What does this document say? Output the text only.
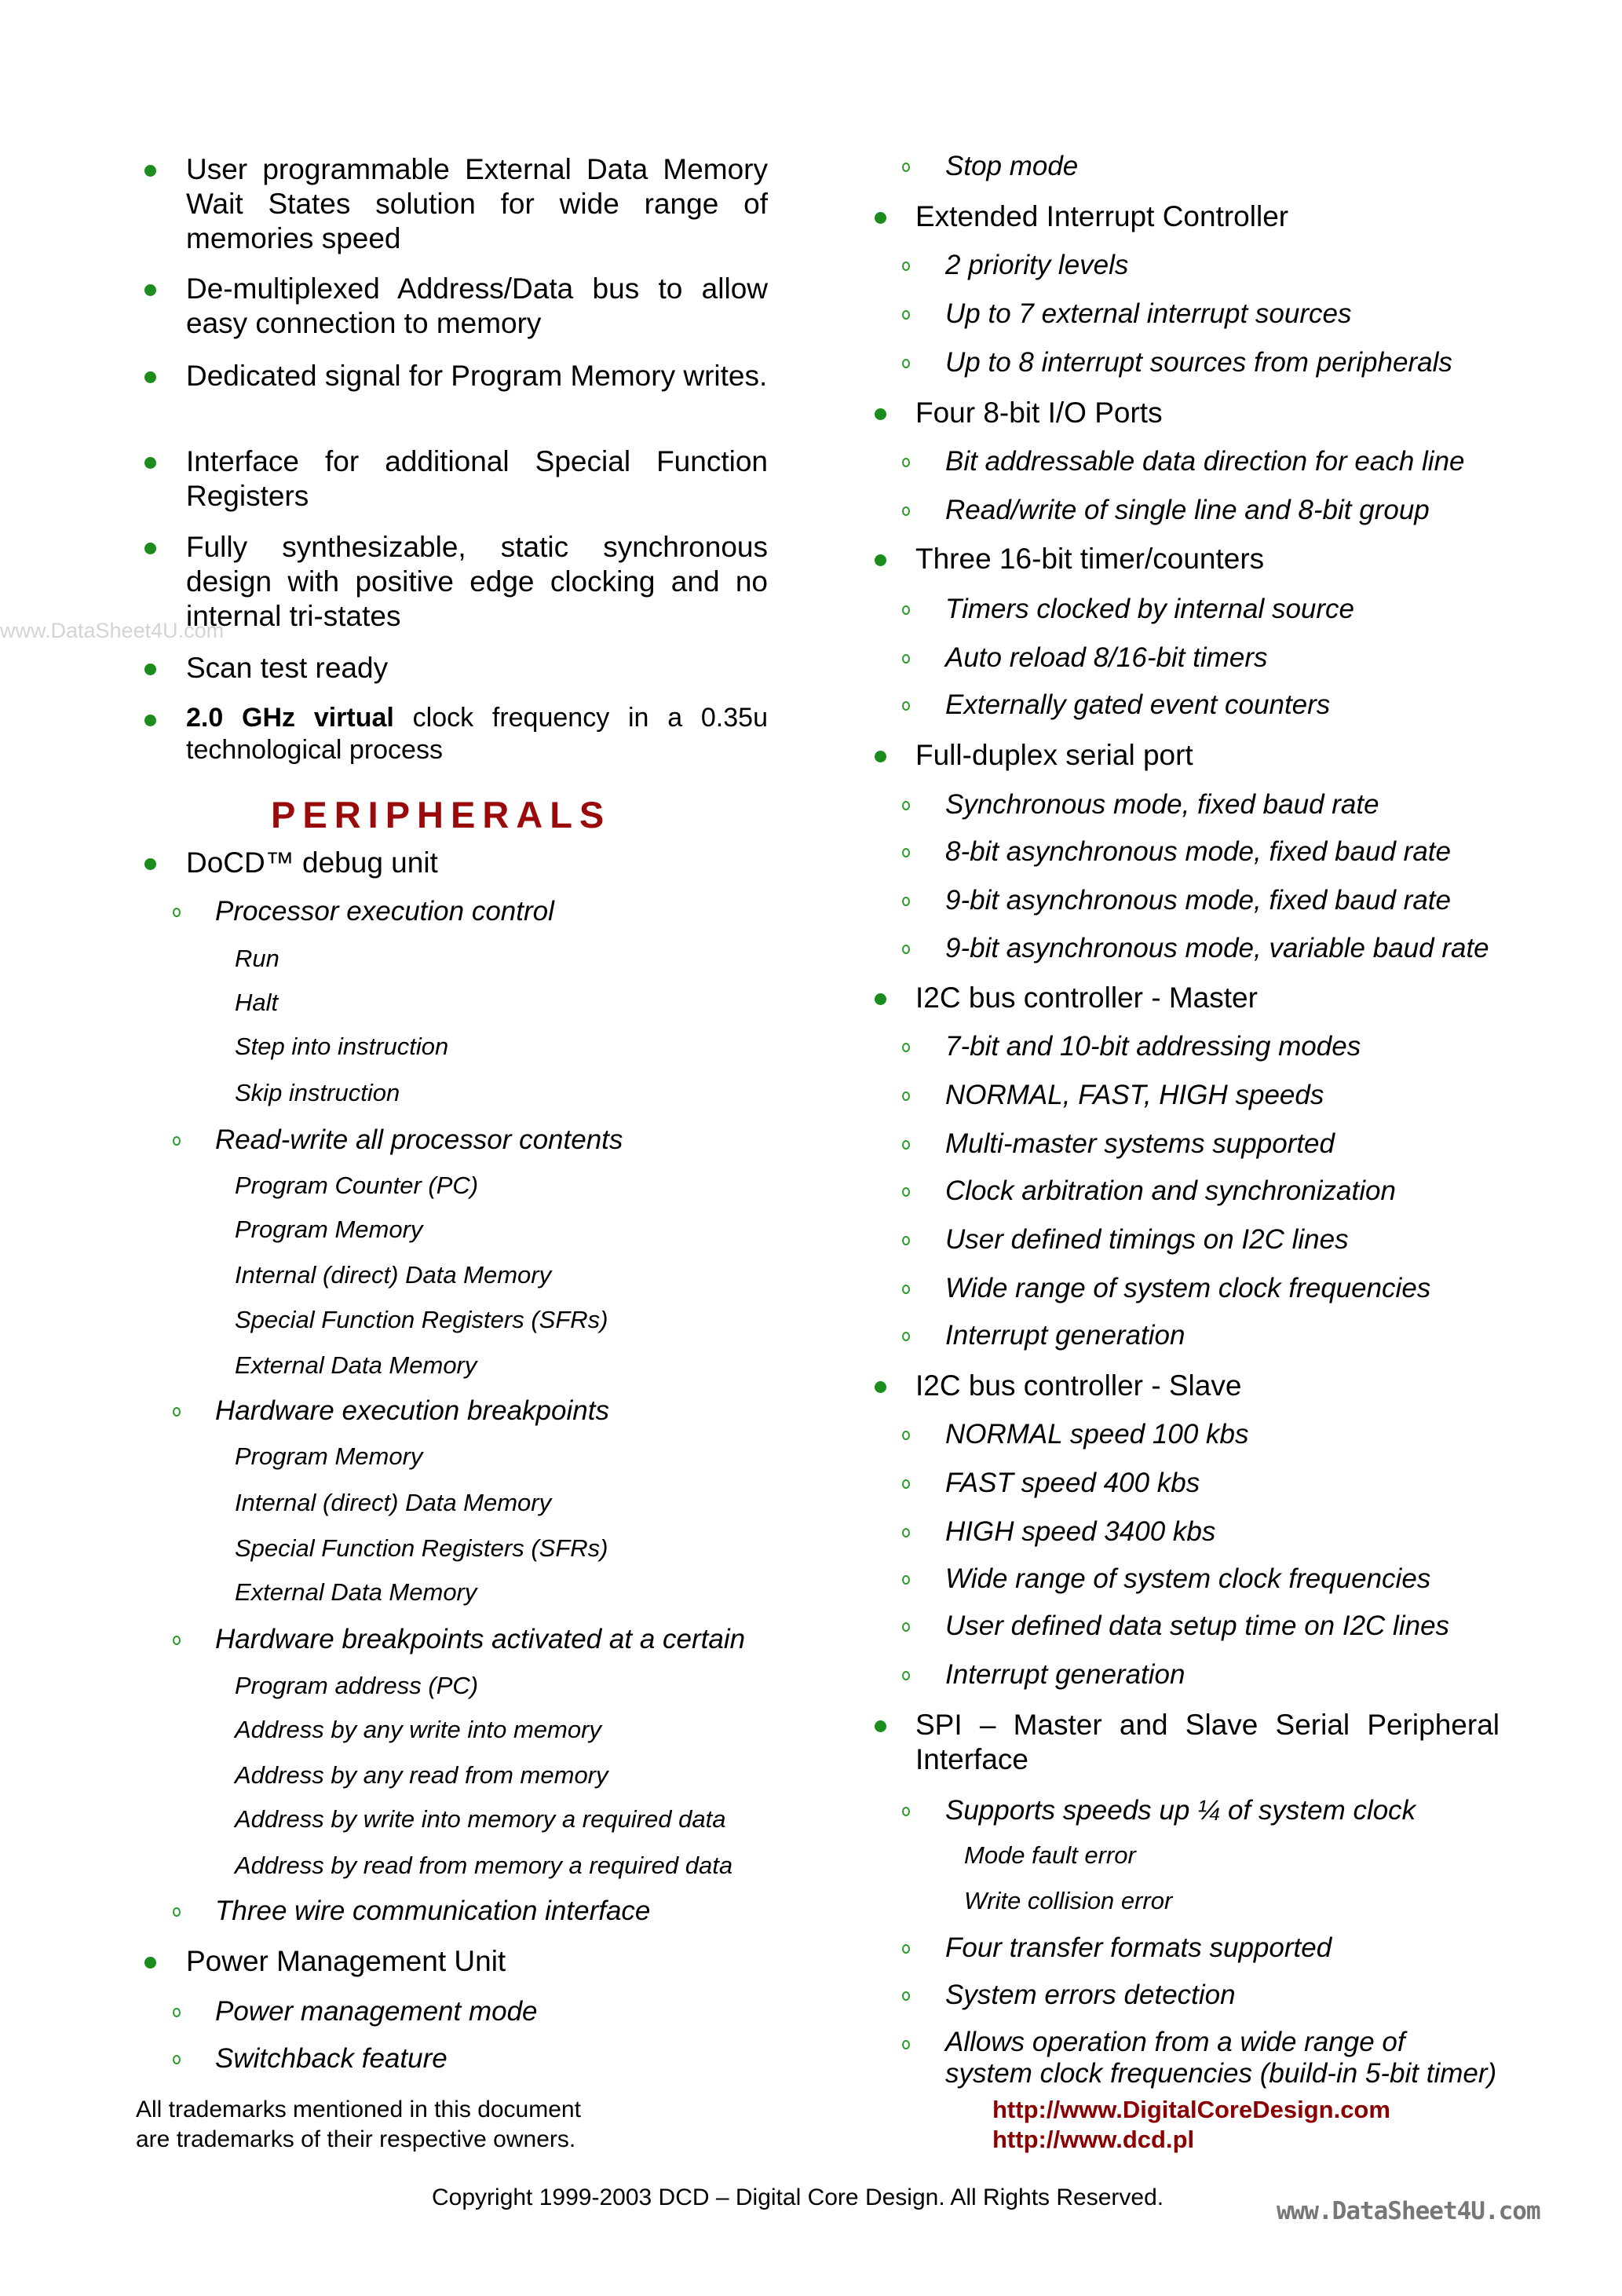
www.DataSheet4U.com
PERIPHERALS
User programmable External Data Memory Wait States solution for wide range of memories speed
De-multiplexed Address/Data bus to allow easy connection to memory
Dedicated signal for Program Memory writes.
Interface for additional Special Function Registers
Fully synthesizable, static synchronous design with positive edge clocking and no internal tri-states
Scan test ready
2.0 GHz virtual clock frequency in a 0.35u technological process
DoCD™ debug unit
Processor execution control
Run
Halt
Step into instruction
Skip instruction
Read-write all processor contents
Program Counter (PC)
Program Memory
Internal (direct) Data Memory
Special Function Registers (SFRs)
External Data Memory
Hardware execution breakpoints
Program Memory
Internal (direct) Data Memory
Special Function Registers (SFRs)
External Data Memory
Hardware breakpoints activated at a certain
Program address (PC)
Address by any write into memory
Address by any read from memory
Address by write into memory a required data
Address by read from memory a required data
Three wire communication interface
Power Management Unit
Power management mode
Switchback feature
Stop mode
Extended Interrupt Controller
2 priority levels
Up to 7 external interrupt sources
Up to 8 interrupt sources from peripherals
Four 8-bit I/O Ports
Bit addressable data direction for each line
Read/write of single line and 8-bit group
Three 16-bit timer/counters
Timers clocked by internal source
Auto reload 8/16-bit timers
Externally gated event counters
Full-duplex serial port
Synchronous mode, fixed baud rate
8-bit asynchronous mode, fixed baud rate
9-bit asynchronous mode, fixed baud rate
9-bit asynchronous mode, variable baud rate
I2C bus controller - Master
7-bit and 10-bit addressing modes
NORMAL, FAST, HIGH speeds
Multi-master systems supported
Clock arbitration and synchronization
User defined timings on I2C lines
Wide range of system clock frequencies
Interrupt generation
I2C bus controller - Slave
NORMAL speed 100 kbs
FAST speed 400 kbs
HIGH speed 3400 kbs
Wide range of system clock frequencies
User defined data setup time on I2C lines
Interrupt generation
SPI – Master and Slave Serial Peripheral Interface
Supports speeds up ¼ of system clock
Mode fault error
Write collision error
Four transfer formats supported
System errors detection
Allows operation from a wide range of system clock frequencies (build-in 5-bit timer)
All trademarks mentioned in this document
are trademarks of their respective owners.
http://www.DigitalCoreDesign.com
http://www.dcd.pl
Copyright 1999-2003 DCD – Digital Core Design. All Rights Reserved.	www.DataSheet4U.com
